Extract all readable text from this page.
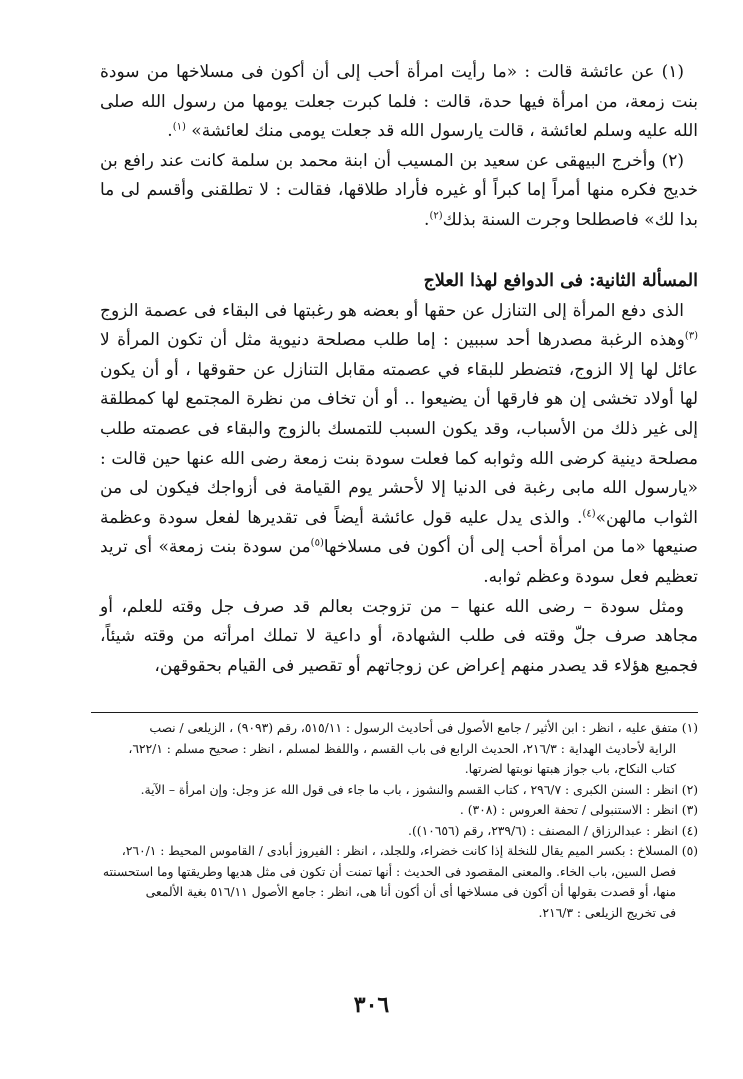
(١) عن عائشة قالت : «ما رأيت امرأة أحب إلى أن أكون فى مسلاخها من سودة بنت زمعة، من امرأة فيها حدة، قالت : فلما كبرت جعلت يومها من رسول الله صلى الله عليه وسلم لعائشة ، قالت يارسول الله قد جعلت يومى منك لعائشة» $^{(١)}$.

(٢) وأخرج البيهقى عن سعيد بن المسيب أن ابنة محمد بن سلمة كانت عند رافع بن خديج فكره منها أمراً إما كبراً أو غيره فأراد طلاقها، فقالت : لا تطلقنى وأقسم لى ما بدا لك» فاصطلحا وجرت السنة بذلك$^{(٢)}$.

المسألة الثانية: فى الدوافع لهذا العلاج

الذى دفع المرأة إلى التنازل عن حقها أو بعضه هو رغبتها فى البقاء فى عصمة الزوج $^{(٣)}$وهذه الرغبة مصدرها أحد سببين : إما طلب مصلحة دنيوية مثل أن تكون المرأة لا عائل لها إلا الزوج، فتضطر للبقاء في عصمته مقابل التنازل عن حقوقها ، أو أن يكون لها أولاد تخشى إن هو فارقها أن يضيعوا .. أو أن تخاف من نظرة المجتمع لها كمطلقة إلى غير ذلك من الأسباب، وقد يكون السبب للتمسك بالزوج والبقاء فى عصمته طلب مصلحة دينية كرضى الله وثوابه كما فعلت سودة بنت زمعة رضى الله عنها حين قالت : «يارسول الله مابى رغبة فى الدنيا إلا لأحشر يوم القيامة فى أزواجك فيكون لى من الثواب مالهن»$^{(٤)}$. والذى يدل عليه قول عائشة أيضاً فى تقديرها لفعل سودة وعظمة صنيعها «ما من امرأة أحب إلى أن أكون فى مسلاخها$^{(٥)}$من سودة بنت زمعة» أى تريد تعظيم فعل سودة وعظم ثوابه.

ومثل سودة – رضى الله عنها – من تزوجت بعالم قد صرف جل وقته للعلم، أو مجاهد صرف جلّ وقته فى طلب الشهادة، أو داعية لا تملك امرأته من وقته شيئاً، فجميع هؤلاء قد يصدر منهم إعراض عن زوجاتهم أو تقصير فى القيام بحقوقهن،

(١) متفق عليه ، انظر : ابن الأثير / جامع الأصول فى أحاديث الرسول : ٥١٥/١١، رقم (٩٠٩٣) ، الزيلعى / نصب

الراية لأحاديث الهداية : ٢١٦/٣، الحديث الرابع فى باب القسم ، واللفظ لمسلم ، انظر : صحيح مسلم : ٦٢٢/١،

كتاب النكاح، باب جواز هبتها نوبتها لضرتها.

(٢) انظر : السنن الكبرى : ٢٩٦/٧ ، كتاب القسم والنشوز ، باب ما جاء فى قول الله عز وجل: وإن امرأة – الآية.

(٣) انظر : الاستنبولى / تحفة العروس : (٣٠٨) .

(٤) انظر : عبدالرزاق / المصنف : (٢٣٩/٦، رقم (١٠٦٥٦)).

(٥) المسلاخ : بكسر الميم يقال للنخلة إذا كانت خضراء، وللجلد، ، انظر : الفيروز أبادى / القاموس المحيط : ٢٦٠/١،

فصل السين، باب الخاء. والمعنى المقصود فى الحديث : أنها تمنت أن تكون فى مثل هديها وطريقتها وما استحسنته

منها، أو قصدت بقولها أن أكون فى مسلاخها أى أن أكون أنا هى، انظر : جامع الأصول ٥١٦/١١ بغية الألمعى

فى تخريج الزيلعى : ٢١٦/٣.

٣٠٦
